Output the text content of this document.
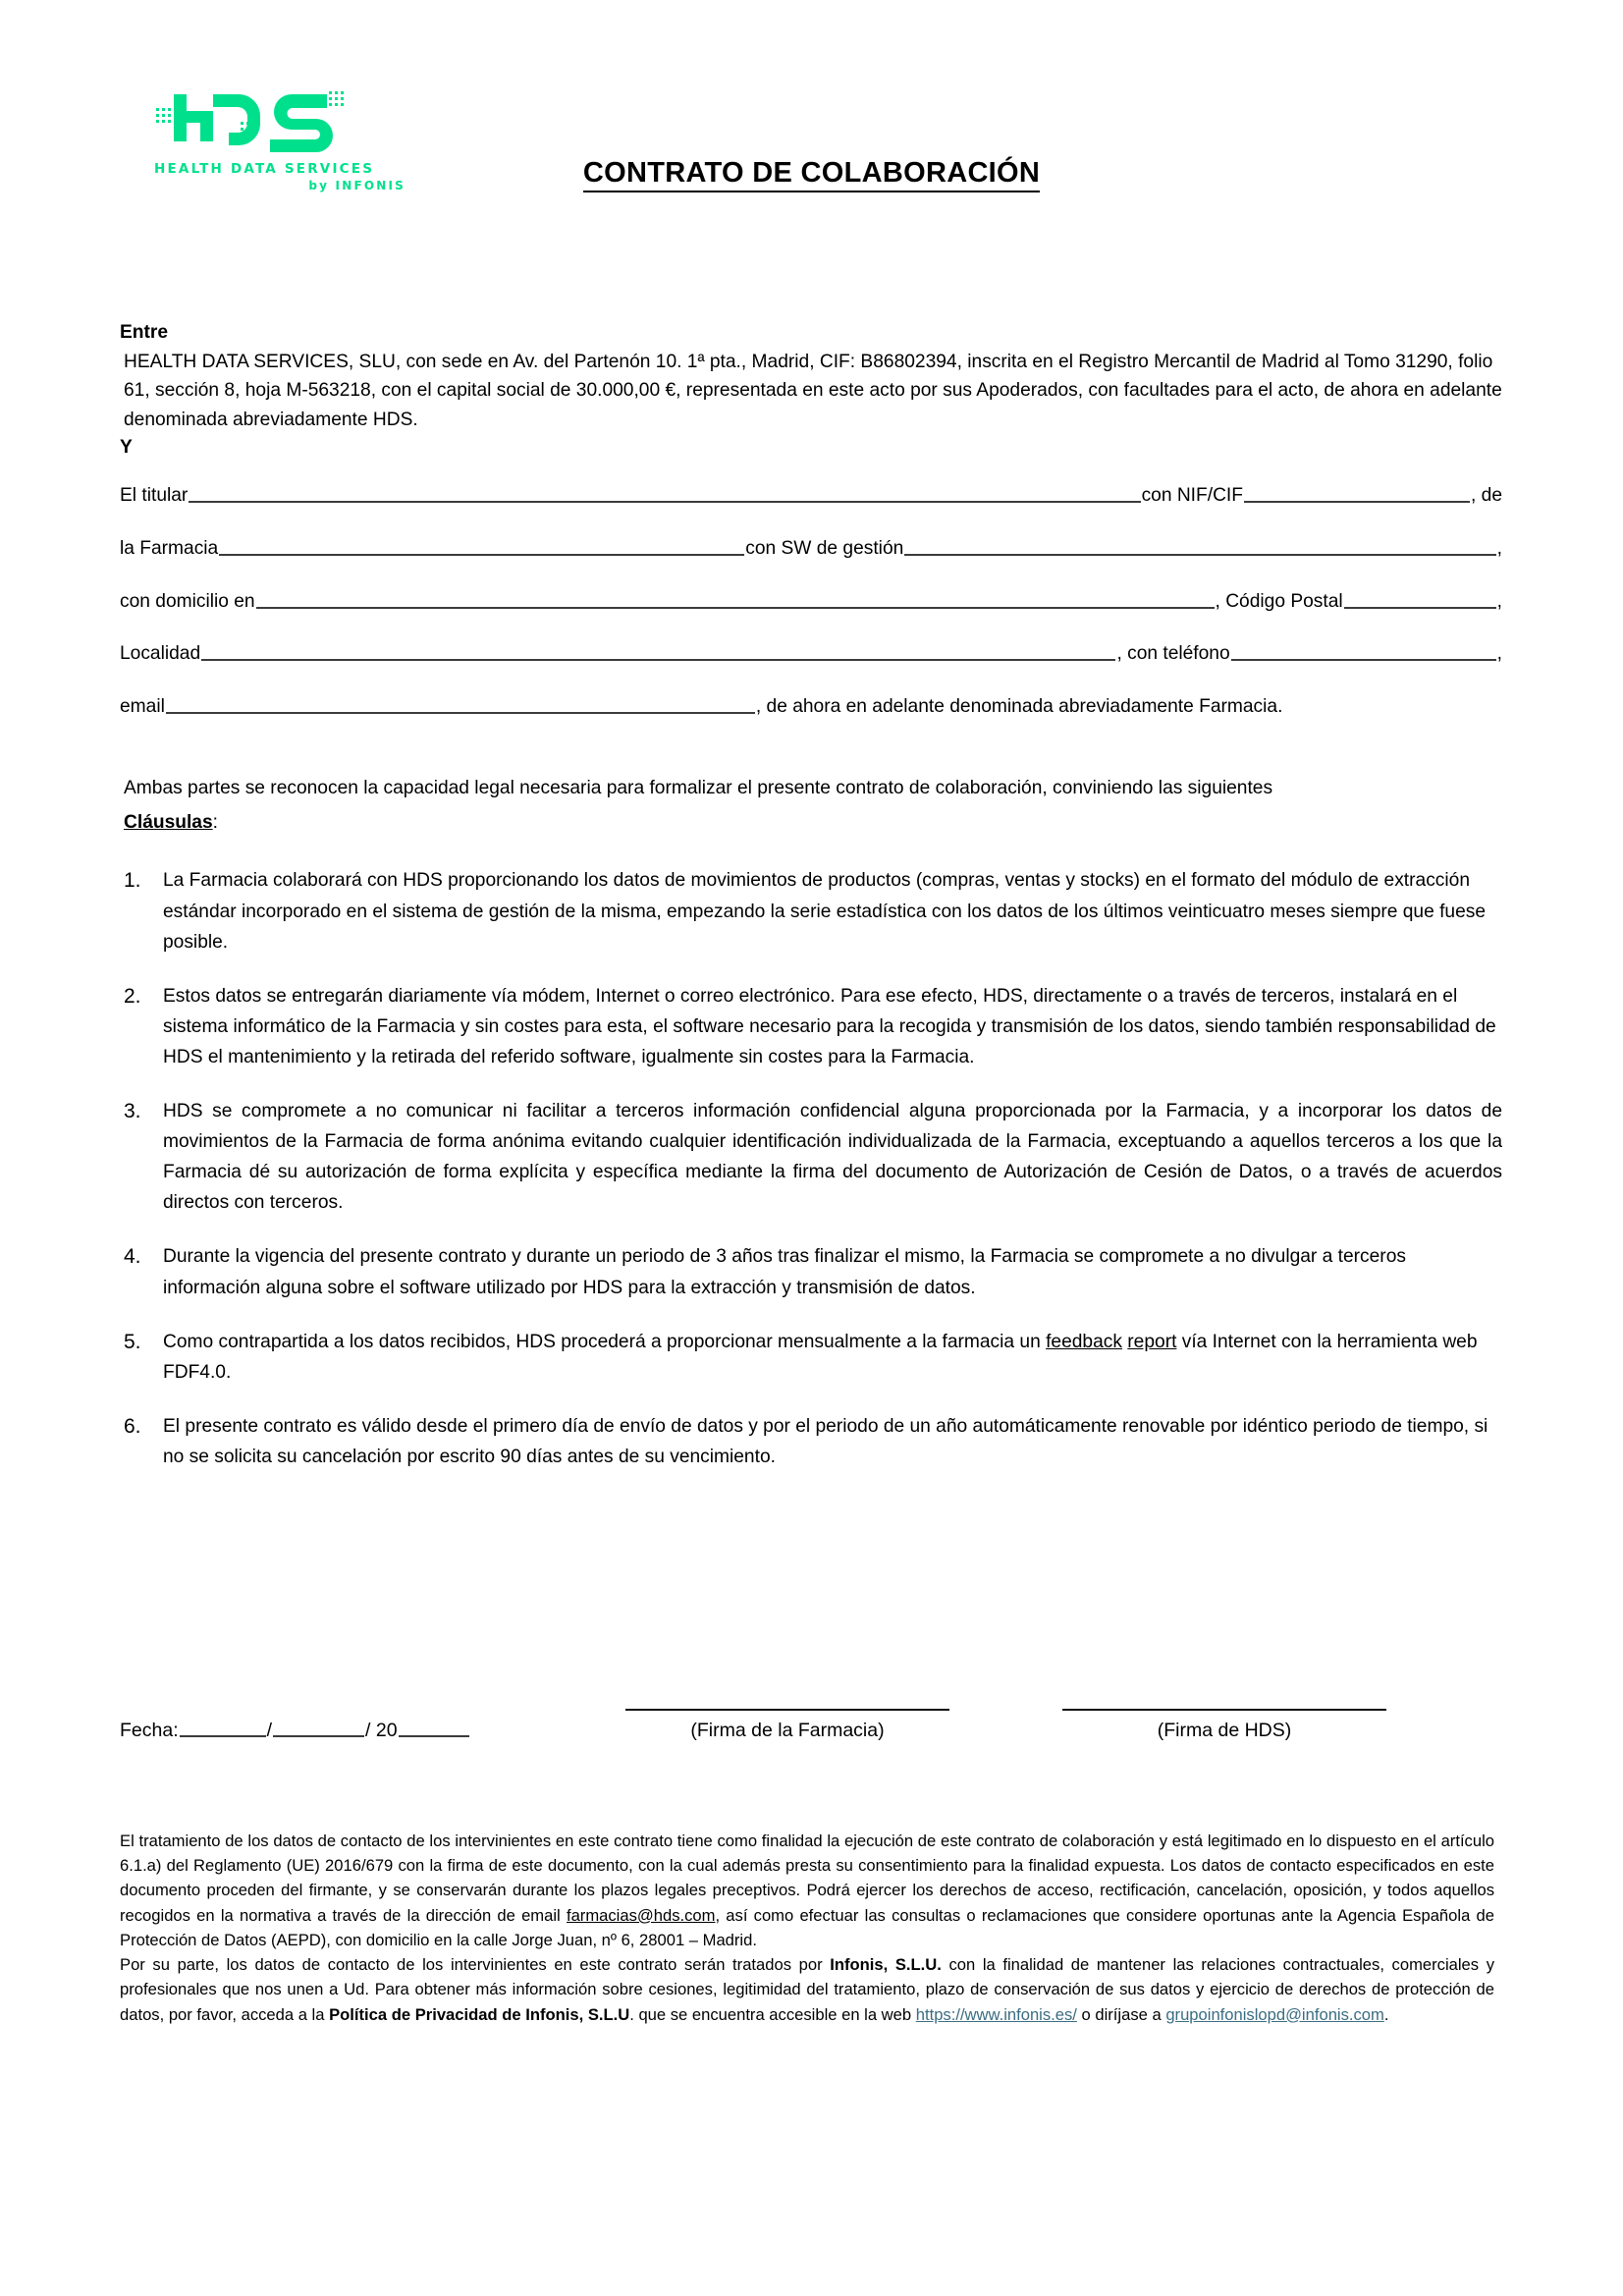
HEALTH DATA SERVICES
by INFONIS	CONTRATO DE COLABORACIÓN
Entre

HEALTH DATA SERVICES, SLU, con sede en Av. del Partenón 10. 1ª pta., Madrid, CIF: B86802394, inscrita en el Registro Mercantil de Madrid al Tomo 31290, folio 61, sección 8, hoja M-563218, con el capital social de 30.000,00 €, representada en este acto por sus Apoderados, con facultades para el acto, de ahora en adelante denominada abreviadamente HDS.

Y
El titular	con NIF/CIF	, de
la Farmacia	con SW de gestión	,
con domicilio en	, Código Postal	,
Localidad	, con teléfono	,
email	, de ahora en adelante denominada abreviadamente Farmacia.
Ambas partes se reconocen la capacidad legal necesaria para formalizar el presente contrato de colaboración, conviniendo las siguientes
Cláusulas:
1.	La Farmacia colaborará con HDS proporcionando los datos de movimientos de productos (compras, ventas y stocks) en el formato del módulo de extracción estándar incorporado en el sistema de gestión de la misma, empezando la serie estadística con los datos de los últimos veinticuatro meses siempre que fuese posible.
2.	Estos datos se entregarán diariamente vía módem, Internet o correo electrónico. Para ese efecto, HDS, directamente o a través de terceros, instalará en el sistema informático de la Farmacia y sin costes para esta, el software necesario para la recogida y transmisión de los datos, siendo también responsabilidad de HDS el mantenimiento y la retirada del referido software, igualmente sin costes para la Farmacia.
3.	HDS se compromete a no comunicar ni facilitar a terceros información confidencial alguna proporcionada por la Farmacia, y a incorporar los datos de movimientos de la Farmacia de forma anónima evitando cualquier identificación individualizada de la Farmacia, exceptuando a aquellos terceros a los que la Farmacia dé su autorización de forma explícita y específica mediante la firma del documento de Autorización de Cesión de Datos, o a través de acuerdos directos con terceros.
4.	Durante la vigencia del presente contrato y durante un periodo de 3 años tras finalizar el mismo, la Farmacia se compromete a no divulgar a terceros información alguna sobre el software utilizado por HDS para la extracción y transmisión de datos.
5.	Como contrapartida a los datos recibidos, HDS procederá a proporcionar mensualmente a la farmacia un feedback report vía Internet con la herramienta web FDF4.0.
6.	El presente contrato es válido desde el primero día de envío de datos y por el periodo de un año automáticamente renovable por idéntico periodo de tiempo, si no se solicita su cancelación por escrito 90 días antes de su vencimiento.
Fecha:	/	/ 20	(Firma de la Farmacia)	(Firma de HDS)

El tratamiento de los datos de contacto de los intervinientes en este contrato tiene como finalidad la ejecución de este contrato de colaboración y está legitimado en lo dispuesto en el artículo 6.1.a) del Reglamento (UE) 2016/679 con la firma de este documento, con la cual además presta su consentimiento para la finalidad expuesta. Los datos de contacto especificados en este documento proceden del firmante, y se conservarán durante los plazos legales preceptivos. Podrá ejercer los derechos de acceso, rectificación, cancelación, oposición, y todos aquellos recogidos en la normativa a través de la dirección de email farmacias@hds.com, así como efectuar las consultas o reclamaciones que considere oportunas ante la Agencia Española de Protección de Datos (AEPD), con domicilio en la calle Jorge Juan, nº 6, 28001 – Madrid.

Por su parte, los datos de contacto de los intervinientes en este contrato serán tratados por Infonis, S.L.U. con la finalidad de mantener las relaciones contractuales, comerciales y profesionales que nos unen a Ud. Para obtener más información sobre cesiones, legitimidad del tratamiento, plazo de conservación de sus datos y ejercicio de derechos de protección de datos, por favor, acceda a la Política de Privacidad de Infonis, S.L.U. que se encuentra accesible en la web https://www.infonis.es/ o diríjase a grupoinfonislopd@infonis.com.
